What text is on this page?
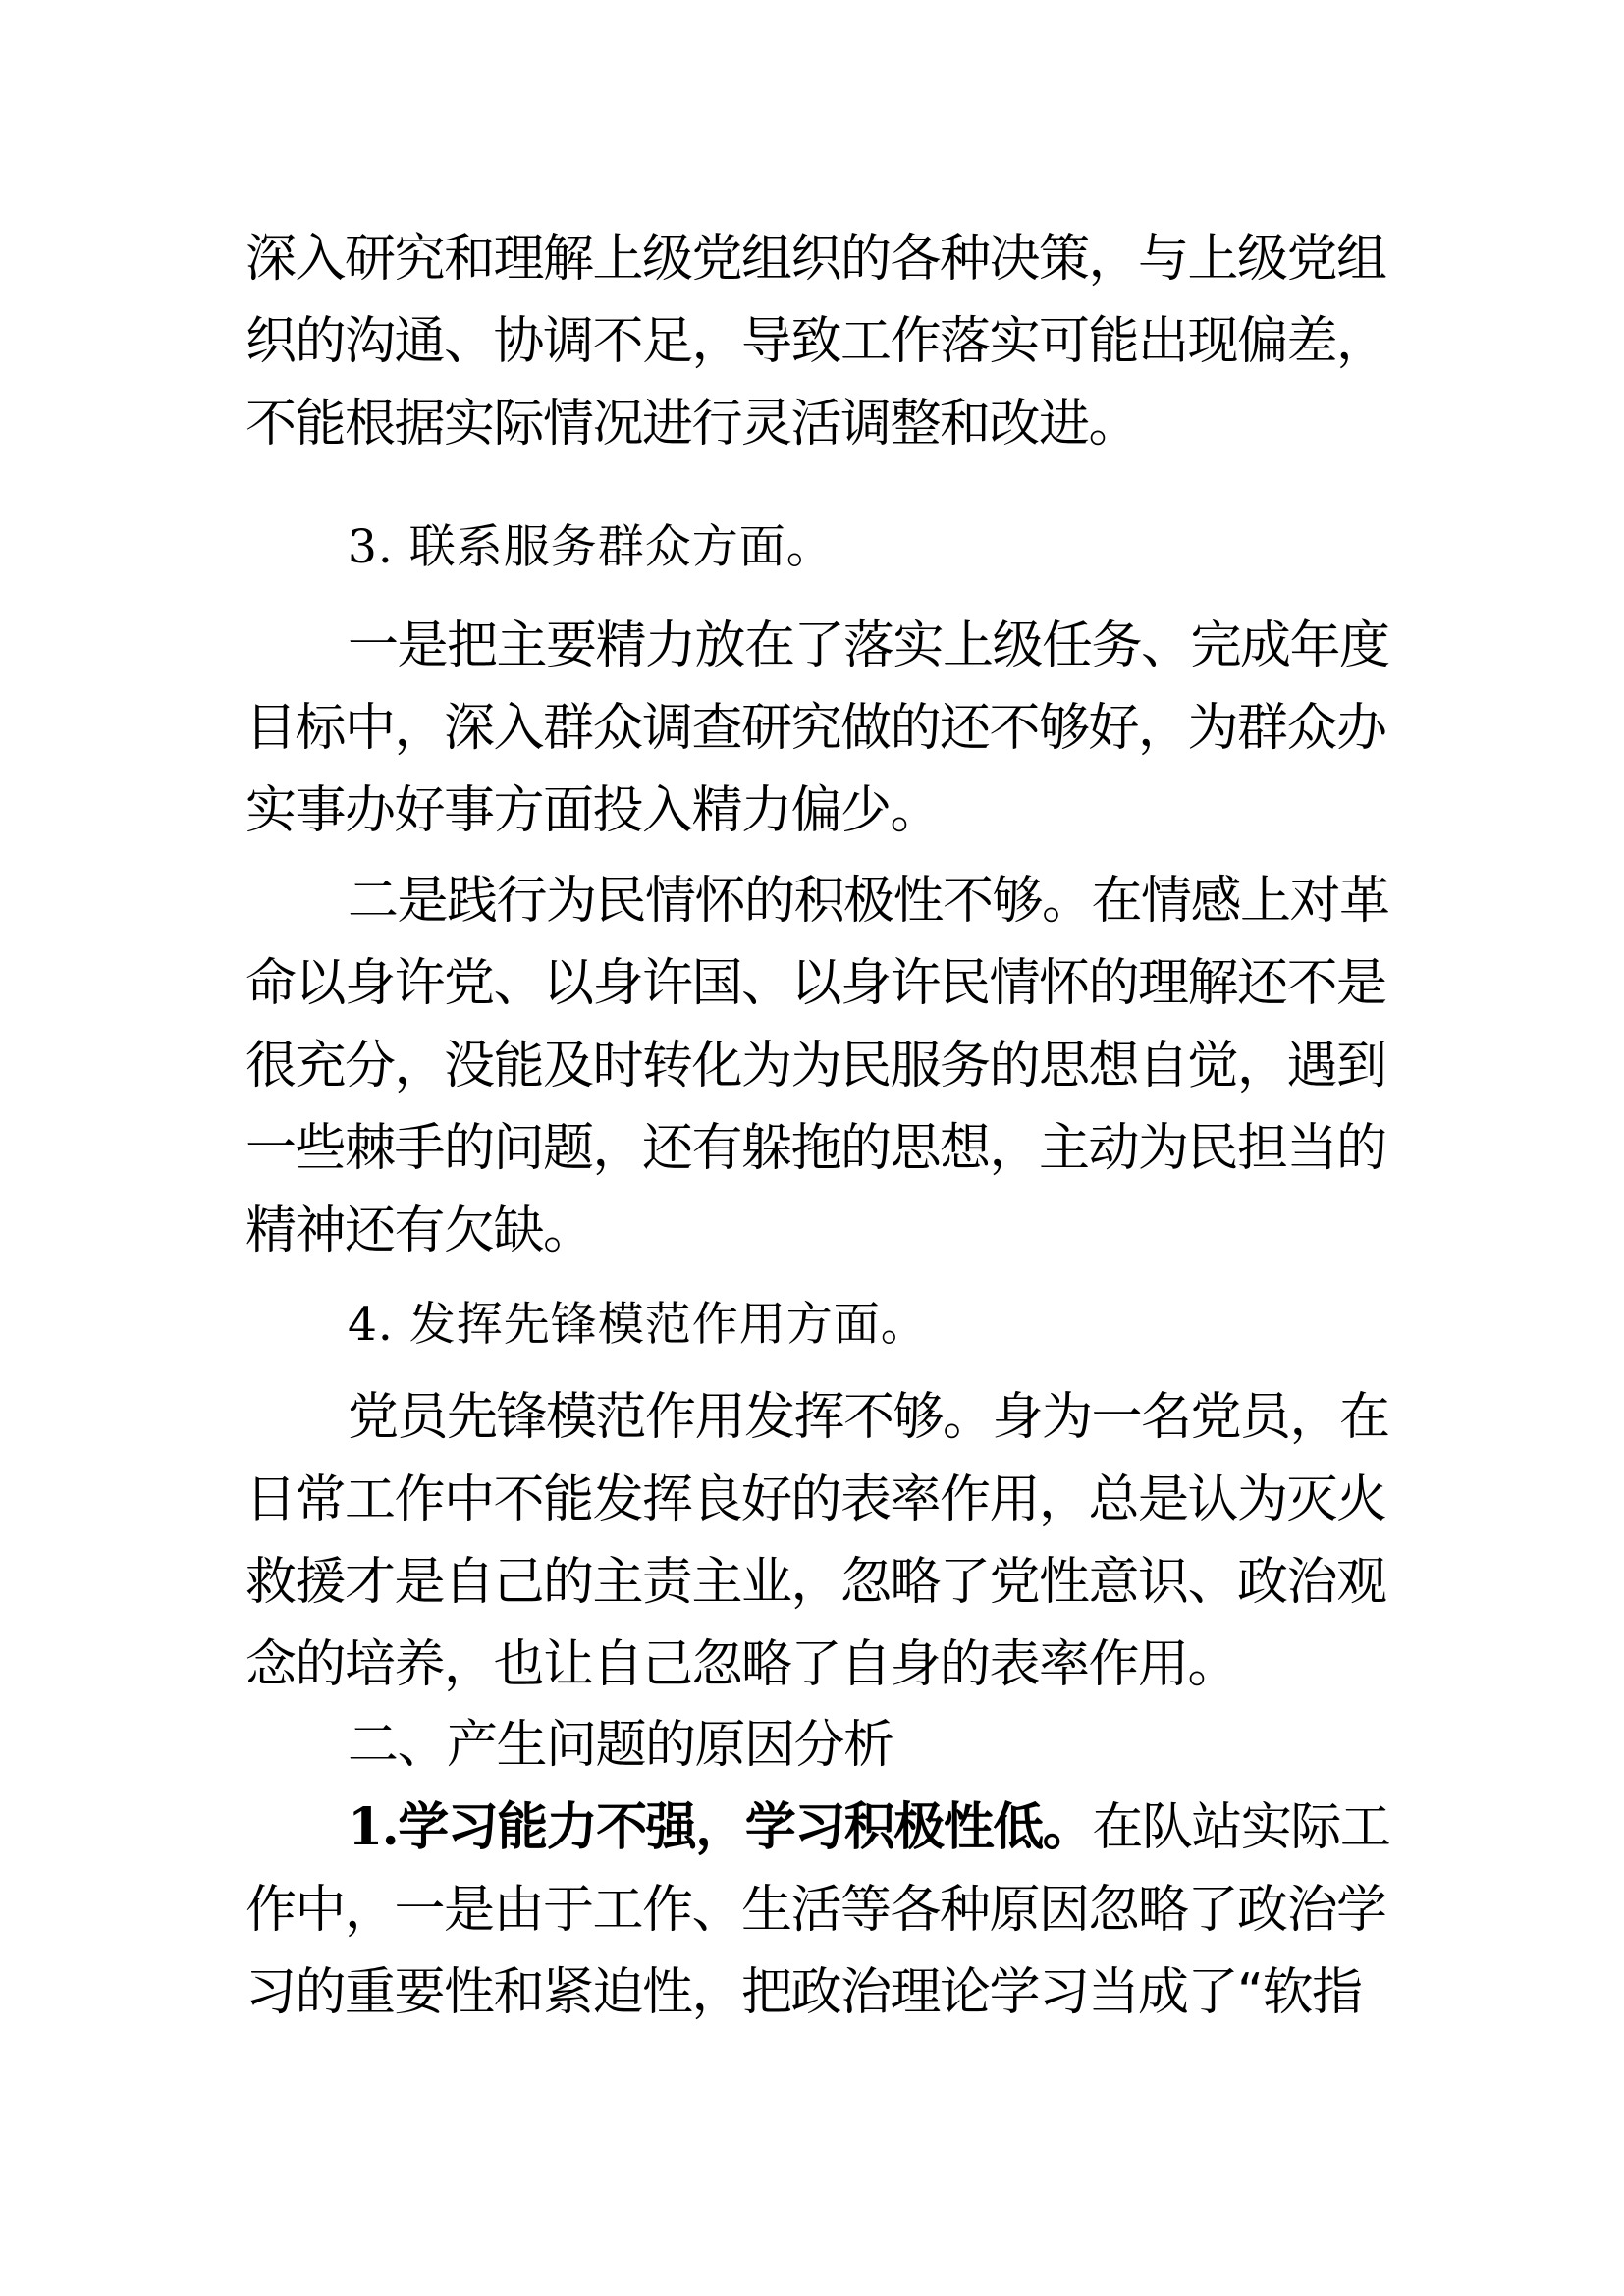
深入研究和理解上级党组织的各种决策，与上级党组
织的沟通、协调不足，导致工作落实可能出现偏差，
不能根据实际情况进行灵活调整和改进。
3. 联系服务群众方面。
一是把主要精力放在了落实上级任务、完成年度
目标中，深入群众调查研究做的还不够好，为群众办
实事办好事方面投入精力偏少。
二是践行为民情怀的积极性不够。在情感上对革
命以身许党、以身许国、以身许民情怀的理解还不是
很充分，没能及时转化为为民服务的思想自觉，遇到
一些棘手的问题，还有躲拖的思想，主动为民担当的
精神还有欠缺。
4. 发挥先锋模范作用方面。
党员先锋模范作用发挥不够。身为一名党员，在
日常工作中不能发挥良好的表率作用，总是认为灭火
救援才是自己的主责主业，忽略了党性意识、政治观
念的培养，也让自己忽略了自身的表率作用。
二、产生问题的原因分析
1.学习能力不强，学习积极性低。在队站实际工
作中，一是由于工作、生活等各种原因忽略了政治学
习的重要性和紧迫性，把政治理论学习当成了“软指
